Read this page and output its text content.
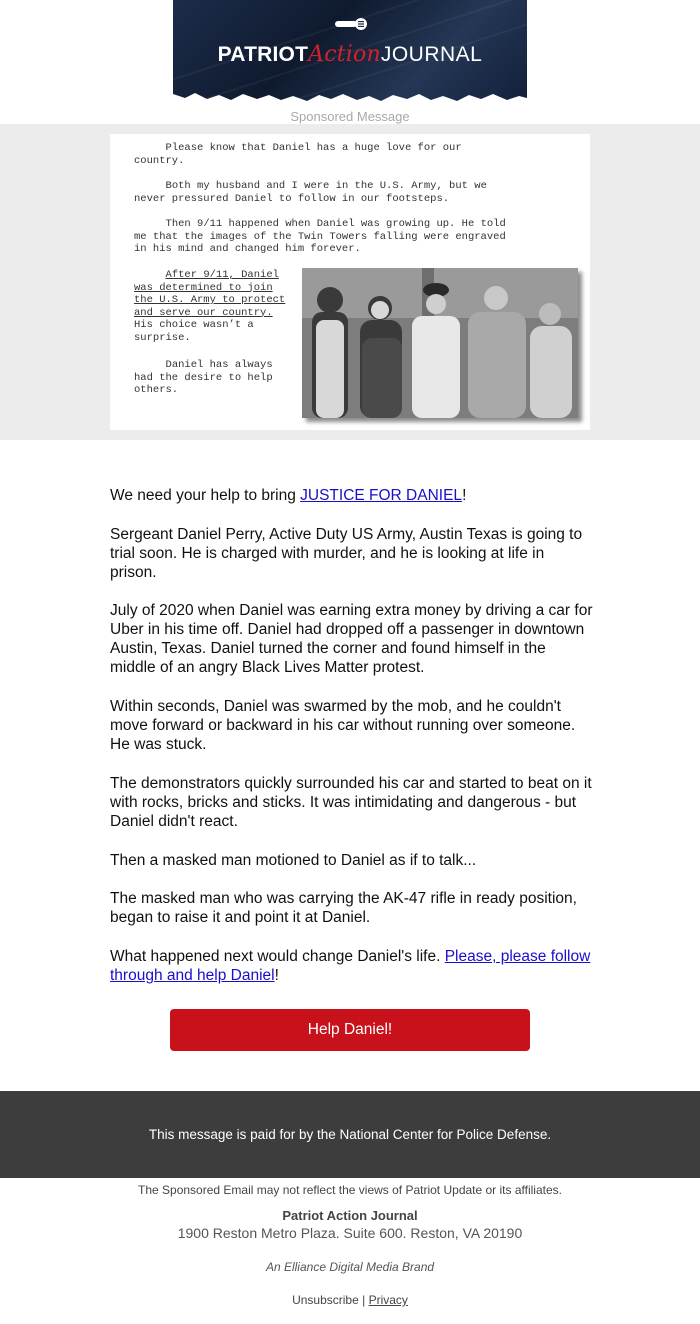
PATRIOTActionJOURNAL
Sponsored Message

Please know that Daniel has a huge love for our
country.

Both my husband and I were in the U.S. Army, but we
never pressured Daniel to follow in our footsteps.

Then 9/11 happened when Daniel was growing up. He told
me that the images of the Twin Towers falling were engraved
in his mind and changed him forever.

After 9/11, Daniel
was determined to join
the U.S. Army to protect
and serve our country.
His choice wasn’t a
surprise.

Daniel has always
had the desire to help
others.

We need your help to bring JUSTICE FOR DANIEL!

Sergeant Daniel Perry, Active Duty US Army, Austin Texas is going to trial soon. He is charged with murder, and he is looking at life in prison.

July of 2020 when Daniel was earning extra money by driving a car for Uber in his time off. Daniel had dropped off a passenger in downtown Austin, Texas. Daniel turned the corner and found himself in the middle of an angry Black Lives Matter protest.

Within seconds, Daniel was swarmed by the mob, and he couldn't move forward or backward in his car without running over someone. He was stuck.

The demonstrators quickly surrounded his car and started to beat on it with rocks, bricks and sticks. It was intimidating and dangerous - but Daniel didn't react.

Then a masked man motioned to Daniel as if to talk...

The masked man who was carrying the AK-47 rifle in ready position, began to raise it and point it at Daniel.

What happened next would change Daniel's life. Please, please follow through and help Daniel!

Help Daniel!
This message is paid for by the National Center for Police Defense.
The Sponsored Email may not reflect the views of Patriot Update or its affiliates.
Patriot Action Journal
1900 Reston Metro Plaza. Suite 600. Reston, VA 20190
An Elliance Digital Media Brand
Unsubscribe | Privacy
